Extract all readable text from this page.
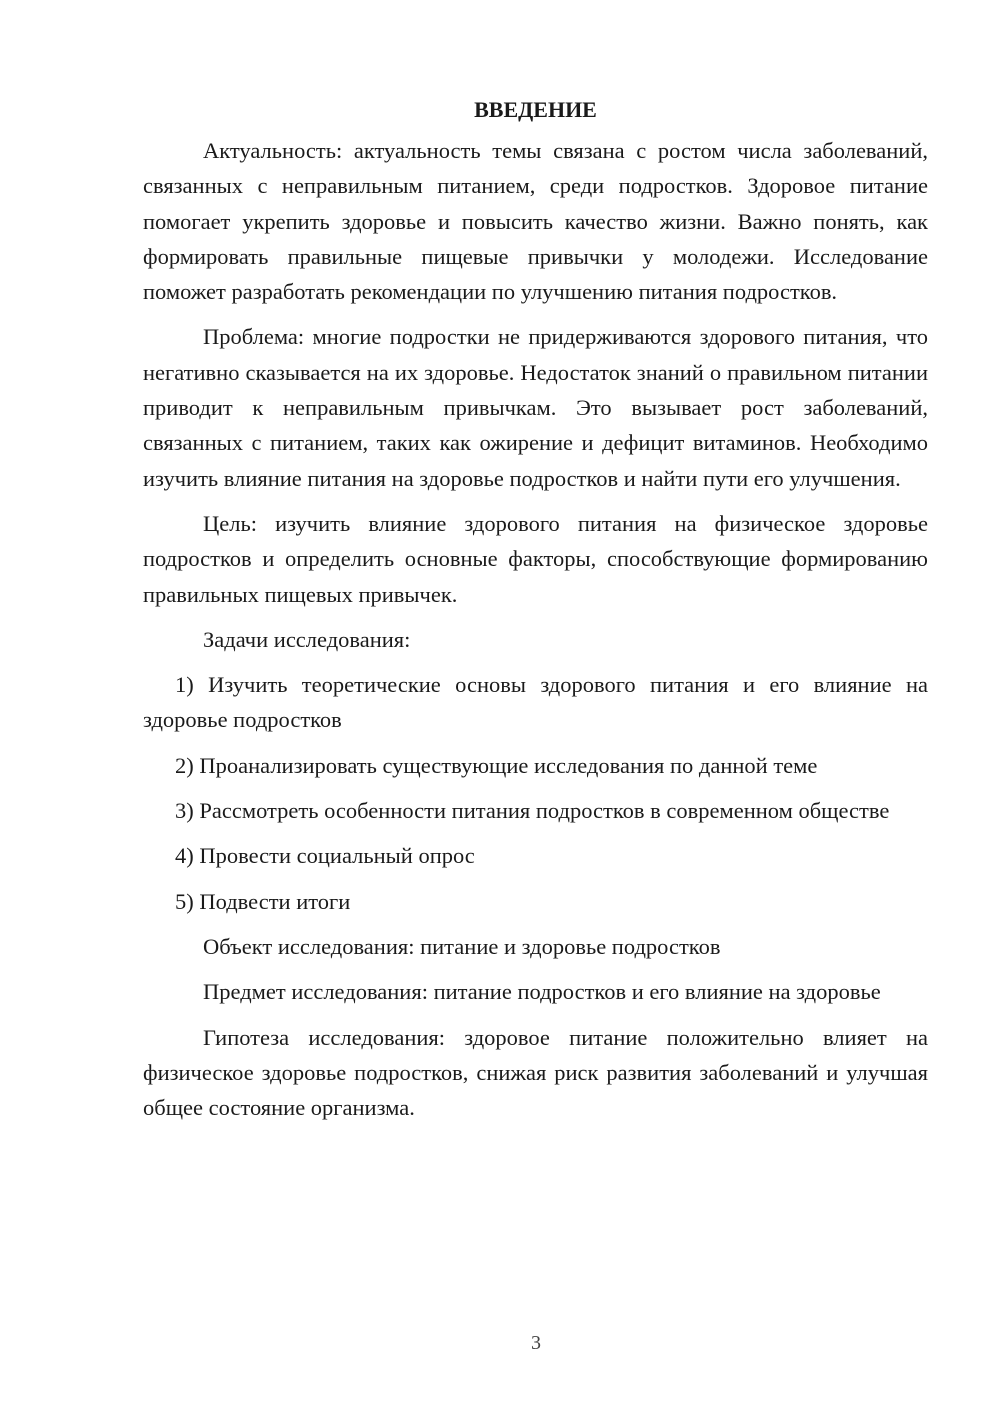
ВВЕДЕНИЕ

Актуальность: актуальность темы связана с ростом числа заболеваний, связанных с неправильным питанием, среди подростков. Здоровое питание помогает укрепить здоровье и повысить качество жизни. Важно понять, как формировать правильные пищевые привычки у молодежи. Исследование поможет разработать рекомендации по улучшению питания подростков.

Проблема: многие подростки не придерживаются здорового питания, что негативно сказывается на их здоровье. Недостаток знаний о правильном питании приводит к неправильным привычкам. Это вызывает рост заболеваний, связанных с питанием, таких как ожирение и дефицит витаминов. Необходимо изучить влияние питания на здоровье подростков и найти пути его улучшения.

Цель: изучить влияние здорового питания на физическое здоровье подростков и определить основные факторы, способствующие формированию правильных пищевых привычек.

Задачи исследования:

1) Изучить теоретические основы здорового питания и его влияние на здоровье подростков

2) Проанализировать существующие исследования по данной теме

3) Рассмотреть особенности питания подростков в современном обществе

4) Провести социальный опрос

5) Подвести итоги

Объект исследования: питание и здоровье подростков

Предмет исследования: питание подростков и его влияние на здоровье

Гипотеза исследования: здоровое питание положительно влияет на физическое здоровье подростков, снижая риск развития заболеваний и улучшая общее состояние организма.

3
